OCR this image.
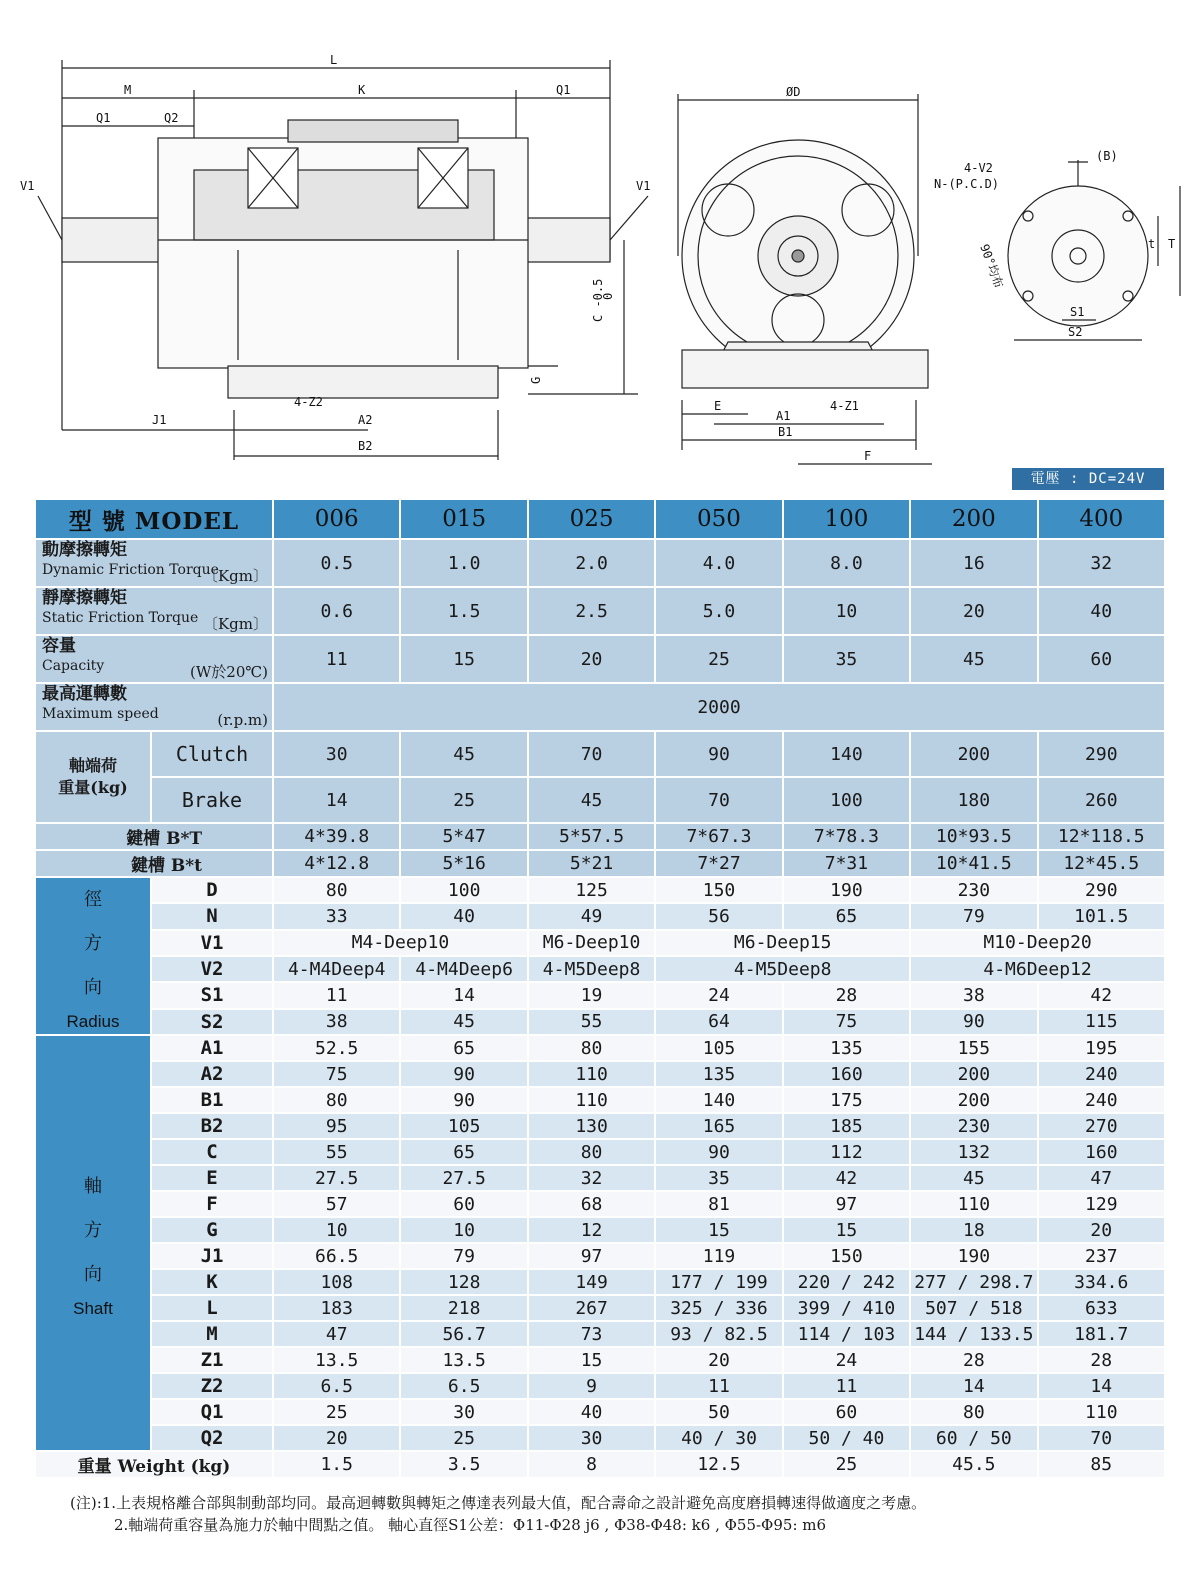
L
M	K	Q1
Q1	Q2
V1	V1
J1
4-Z2
A2
B2
C -0.5
0
G
ØD
E
A1
4-Z1
B1
F
4-V2
N-(P.C.D)
(B)
T
t
S1
S2
90°均布
電壓 : DC=24V
型 號 MODEL		006	015	025	050	100	200	400

動摩擦轉矩
Dynamic Friction Torque
〔Kgm〕		0.5	1.0	2.0	4.0	8.0	16	32

靜摩擦轉矩
Static Friction Torque 〔Kgm〕		0.6	1.5	2.5	5.0	10	20	40

容量
Capacity (W於20℃)		11	15	20	25	35	45	60

最高運轉數
Maximum speed (r.p.m)		2000						

軸端荷
重量(kg)	Clutch	30	45	70	90	140	200	290
	Brake	14	25	45	70	100	180	260
鍵槽 B*T		4*39.8	5*47	5*57.5	7*67.3	7*78.3	10*93.5	12*118.5
鍵槽 B*t		4*12.8	5*16	5*21	7*27	7*31	10*41.5	12*45.5

徑
方
向
Radius	D	80	100	125	150	190	230	290
	N	33	40	49	56	65	79	101.5
	V1	M4-Deep10		M6-Deep10	M6-Deep15		M10-Deep20	
	V2	4-M4Deep4	4-M4Deep6	4-M5Deep8	4-M5Deep8		4-M6Deep12	
	S1	11	14	19	24	28	38	42
	S2	38	45	55	64	75	90	115

軸
方
向
Shaft	A1	52.5	65	80	105	135	155	195
	A2	75	90	110	135	160	200	240
	B1	80	90	110	140	175	200	240
	B2	95	105	130	165	185	230	270
	C	55	65	80	90	112	132	160
	E	27.5	27.5	32	35	42	45	47
	F	57	60	68	81	97	110	129
	G	10	10	12	15	15	18	20
	J1	66.5	79	97	119	150	190	237
	K	108	128	149	177 / 199	220 / 242	277 / 298.7	334.6
	L	183	218	267	325 / 336	399 / 410	507 / 518	633
	M	47	56.7	73	93 / 82.5	114 / 103	144 / 133.5	181.7
	Z1	13.5	13.5	15	20	24	28	28
	Z2	6.5	6.5	9	11	11	14	14
	Q1	25	30	40	50	60	80	110
	Q2	20	25	30	40 / 30	50 / 40	60 / 50	70
重量 Weight (kg)		1.5	3.5	8	12.5	25	45.5	85
(注):1.上表規格離合部與制動部均同。最高迴轉數與轉矩之傳達表列最大值，配合壽命之設計避免高度磨損轉速得做適度之考慮。
2.軸端荷重容量為施力於軸中間點之值。 軸心直徑S1公差：Φ11-Φ28 j6 , Φ38-Φ48: k6 , Φ55-Φ95: m6
